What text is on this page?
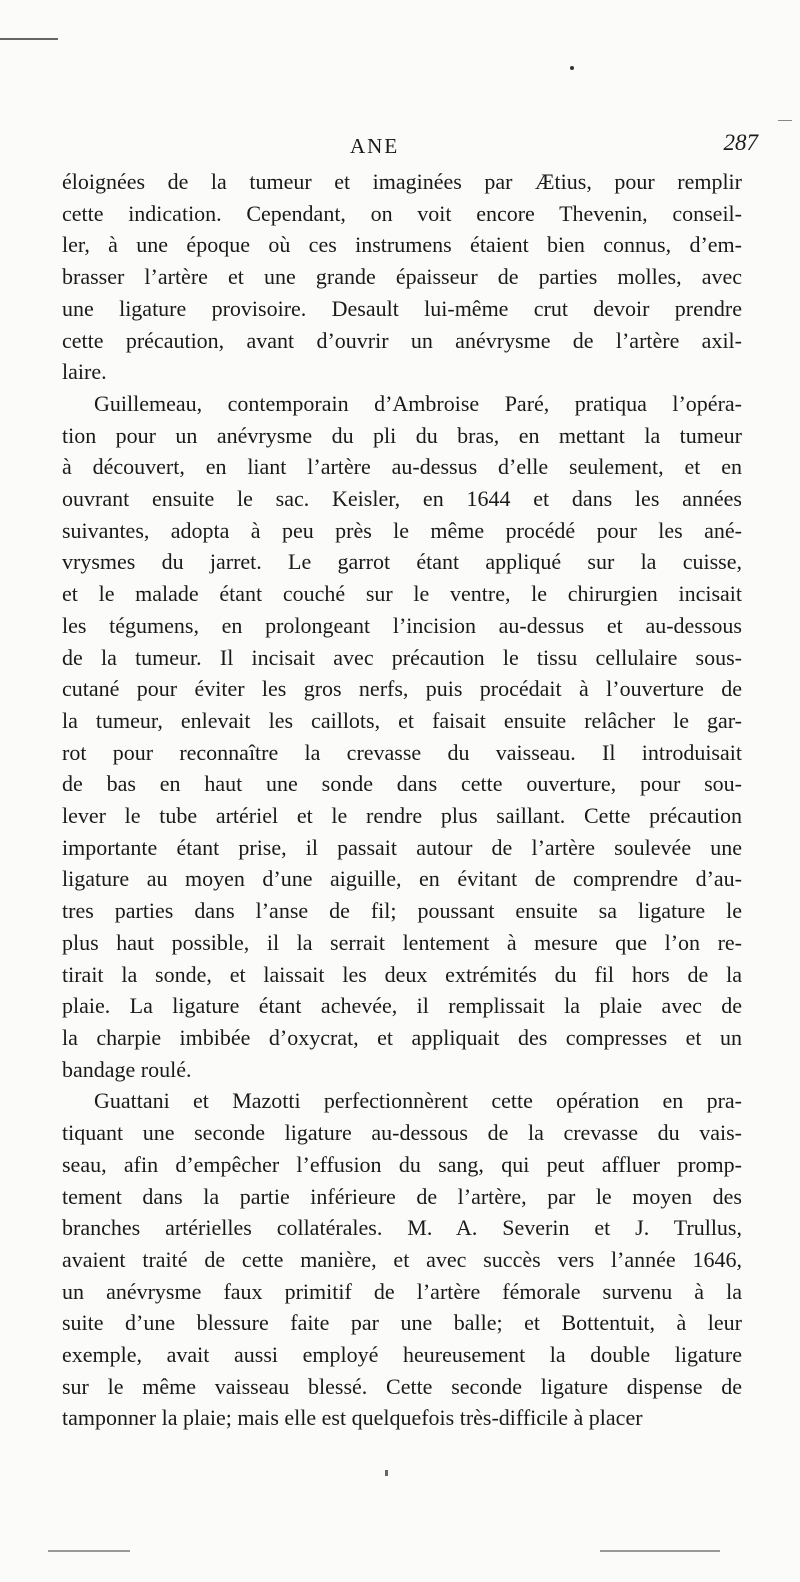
ANE	287
éloignées de la tumeur et imaginées par Ætius, pour remplir
cette indication. Cependant, on voit encore Thevenin, conseil-
ler, à une époque où ces instrumens étaient bien connus, d’em-
brasser l’artère et une grande épaisseur de parties molles, avec
une ligature provisoire. Desault lui-même crut devoir prendre
cette précaution, avant d’ouvrir un anévrysme de l’artère axil-
laire.
Guillemeau, contemporain d’Ambroise Paré, pratiqua l’opéra-
tion pour un anévrysme du pli du bras, en mettant la tumeur
à découvert, en liant l’artère au-dessus d’elle seulement, et en
ouvrant ensuite le sac. Keisler, en 1644 et dans les années
suivantes, adopta à peu près le même procédé pour les ané-
vrysmes du jarret. Le garrot étant appliqué sur la cuisse,
et le malade étant couché sur le ventre, le chirurgien incisait
les tégumens, en prolongeant l’incision au-dessus et au-dessous
de la tumeur. Il incisait avec précaution le tissu cellulaire sous-
cutané pour éviter les gros nerfs, puis procédait à l’ouverture de
la tumeur, enlevait les caillots, et faisait ensuite relâcher le gar-
rot pour reconnaître la crevasse du vaisseau. Il introduisait
de bas en haut une sonde dans cette ouverture, pour sou-
lever le tube artériel et le rendre plus saillant. Cette précaution
importante étant prise, il passait autour de l’artère soulevée une
ligature au moyen d’une aiguille, en évitant de comprendre d’au-
tres parties dans l’anse de fil; poussant ensuite sa ligature le
plus haut possible, il la serrait lentement à mesure que l’on re-
tirait la sonde, et laissait les deux extrémités du fil hors de la
plaie. La ligature étant achevée, il remplissait la plaie avec de
la charpie imbibée d’oxycrat, et appliquait des compresses et un
bandage roulé.
Guattani et Mazotti perfectionnèrent cette opération en pra-
tiquant une seconde ligature au-dessous de la crevasse du vais-
seau, afin d’empêcher l’effusion du sang, qui peut affluer promp-
tement dans la partie inférieure de l’artère, par le moyen des
branches artérielles collatérales. M. A. Severin et J. Trullus,
avaient traité de cette manière, et avec succès vers l’année 1646,
un anévrysme faux primitif de l’artère fémorale survenu à la
suite d’une blessure faite par une balle; et Bottentuit, à leur
exemple, avait aussi employé heureusement la double ligature
sur le même vaisseau blessé. Cette seconde ligature dispense de
tamponner la plaie; mais elle est quelquefois très-difficile à placer
